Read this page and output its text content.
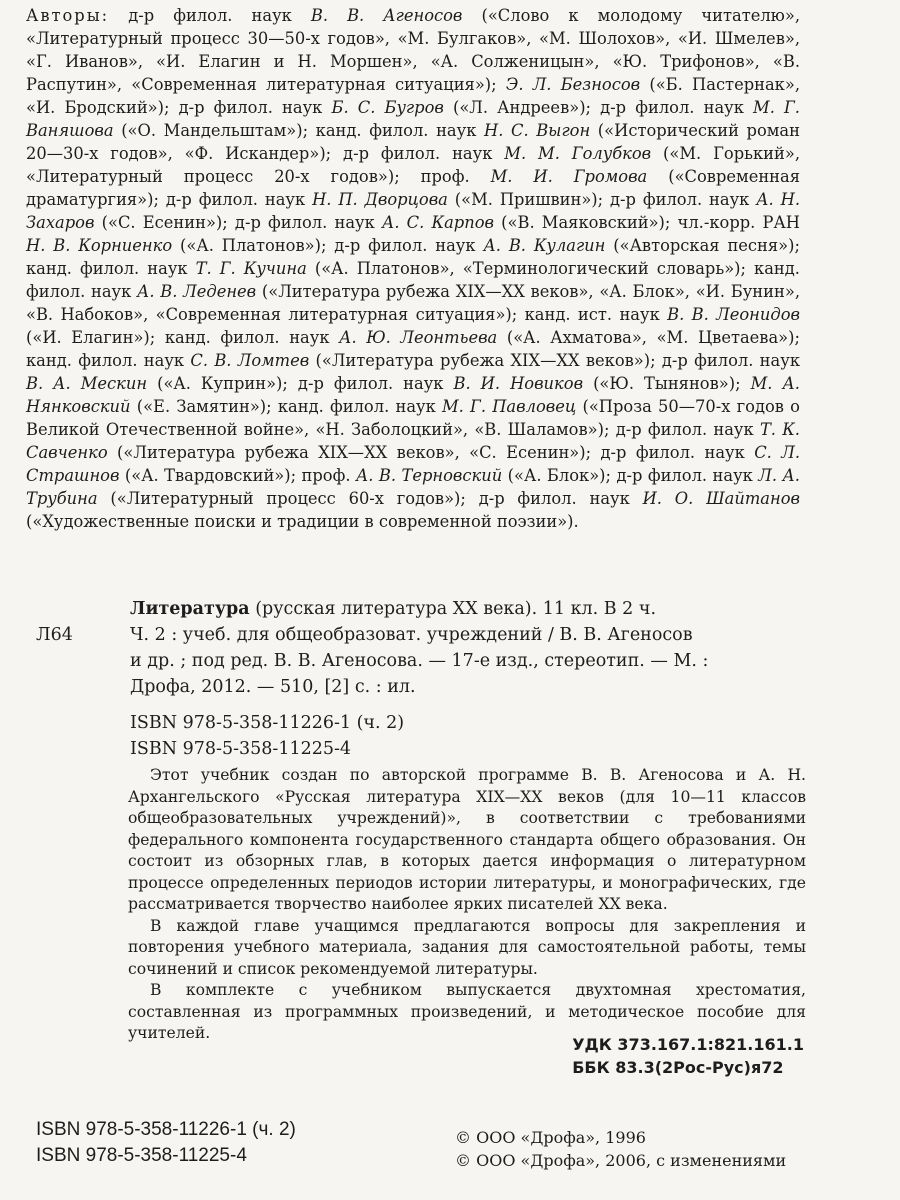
Авторы: д-р филол. наук В. В. Агеносов («Слово к молодому читателю», «Литературный процесс 30—50-х годов», «М. Булгаков», «М. Шолохов», «И. Шмелев», «Г. Иванов», «И. Елагин и Н. Моршен», «А. Солженицын», «Ю. Трифонов», «В. Распутин», «Современная литературная ситуация»); Э. Л. Безносов («Б. Пастернак», «И. Бродский»); д-р филол. наук Б. С. Бугров («Л. Андреев»); д-р филол. наук М. Г. Ваняшова («О. Мандельштам»); канд. филол. наук Н. С. Выгон («Исторический роман 20—30-х годов», «Ф. Искандер»); д-р филол. наук М. М. Голубков («М. Горький», «Литературный процесс 20-х годов»); проф. М. И. Громова («Современная драматургия»); д-р филол. наук Н. П. Дворцова («М. Пришвин»); д-р филол. наук А. Н. Захаров («С. Есенин»); д-р филол. наук А. С. Карпов («В. Маяковский»); чл.-корр. РАН Н. В. Корниенко («А. Платонов»); д-р филол. наук А. В. Кулагин («Авторская песня»); канд. филол. наук Т. Г. Кучина («А. Платонов», «Терминологический словарь»); канд. филол. наук А. В. Леденев («Литература рубежа XIX—XX веков», «А. Блок», «И. Бунин», «В. Набоков», «Современная литературная ситуация»); канд. ист. наук В. В. Леонидов («И. Елагин»); канд. филол. наук А. Ю. Леонтьева («А. Ахматова», «М. Цветаева»); канд. филол. наук С. В. Ломтев («Литература рубежа XIX—XX веков»); д-р филол. наук В. А. Мескин («А. Куприн»); д-р филол. наук В. И. Новиков («Ю. Тынянов»); М. А. Нянковский («Е. Замятин»); канд. филол. наук М. Г. Павловец («Проза 50—70-х годов о Великой Отечественной войне», «Н. Заболоцкий», «В. Шаламов»); д-р филол. наук Т. К. Савченко («Литература рубежа XIX—XX веков», «С. Есенин»); д-р филол. наук С. Л. Страшнов («А. Твардовский»); проф. А. В. Терновский («А. Блок»); д-р филол. наук Л. А. Трубина («Литературный процесс 60-х годов»); д-р филол. наук И. О. Шайтанов («Художественные поиски и традиции в современной поэзии»).

Литература (русская литература XX века). 11 кл. В 2 ч.
Л64	Ч. 2 : учеб. для общеобразоват. учреждений / В. В. Агеносов
и др. ; под ред. В. В. Агеносова. — 17-е изд., стереотип. — М. :
Дрофа, 2012. — 510, [2] с. : ил.
ISBN 978-5-358-11226-1 (ч. 2)
ISBN 978-5-358-11225-4

Этот учебник создан по авторской программе В. В. Агеносова и А. Н. Архангельского «Русская литература XIX—XX веков (для 10—11 классов общеобразовательных учреждений)», в соответствии с требованиями федерального компонента государственного стандарта общего образования. Он состоит из обзорных глав, в которых дается информация о литературном процессе определенных периодов истории литературы, и монографических, где рассматривается творчество наиболее ярких писателей XX века.

В каждой главе учащимся предлагаются вопросы для закрепления и повторения учебного материала, задания для самостоятельной работы, темы сочинений и список рекомендуемой литературы.

В комплекте с учебником выпускается двухтомная хрестоматия, составленная из программных произведений, и методическое пособие для учителей.

УДК 373.167.1:821.161.1
ББК 83.3(2Рос-Рус)я72
ISBN 978-5-358-11226-1 (ч. 2)
ISBN 978-5-358-11225-4
© ООО «Дрофа», 1996
© ООО «Дрофа», 2006, с изменениями
